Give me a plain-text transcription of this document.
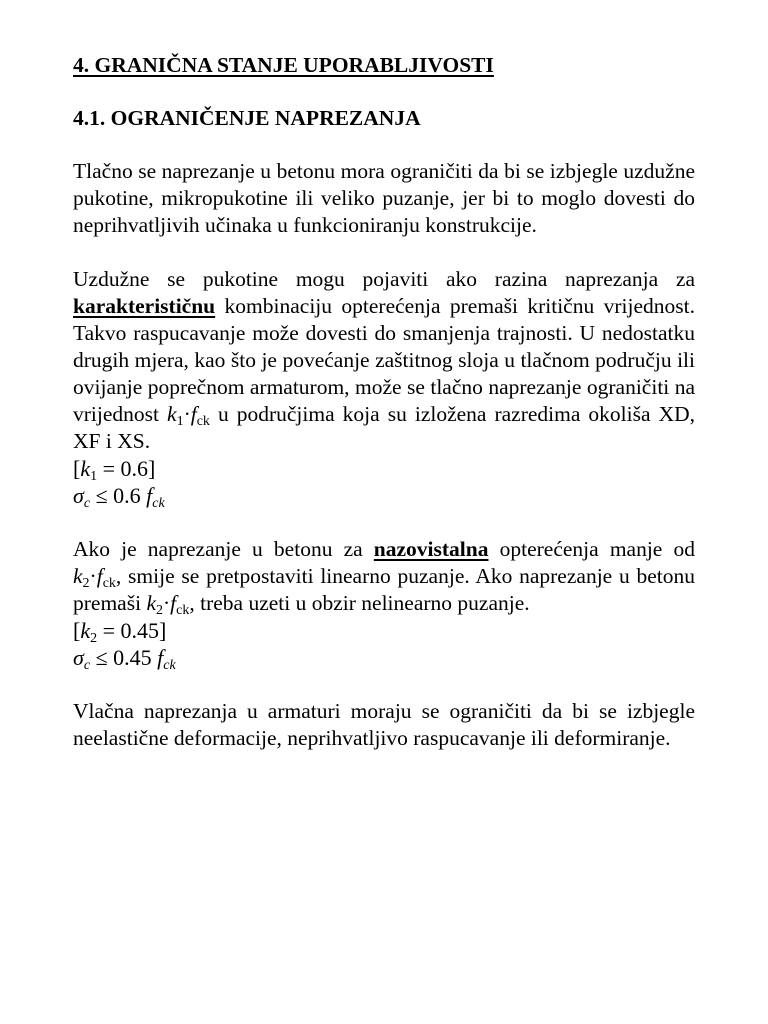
4. GRANIČNA STANJE UPORABLJIVOSTI
4.1. OGRANIČENJE NAPREZANJA

Tlačno se naprezanje u betonu mora ograničiti da bi se izbjegle uzdužne pukotine, mikropukotine ili veliko puzanje, jer bi to moglo dovesti do neprihvatljivih učinaka u funkcioniranju konstrukcije.

Uzdužne se pukotine mogu pojaviti ako razina naprezanja za karakterističnu kombinaciju opterećenja premaši kritičnu vrijednost. Takvo raspucavanje može dovesti do smanjenja trajnosti. U nedostatku drugih mjera, kao što je povećanje zaštitnog sloja u tlačnom području ili ovijanje poprečnom armaturom, može se tlačno naprezanje ograničiti na vrijednost $k_1\cdot f_{ck}$ u područjima koja su izložena razredima okoliša XD, XF i XS.

$[k_1 = 0.6]$
$\sigma_c \le 0.6$ $f_{ck}$

Ako je naprezanje u betonu za nazovistalna opterećenja manje od $k_2\cdot f_{ck}$, smije se pretpostaviti linearno puzanje. Ako naprezanje u betonu premaši $k_2\cdot f_{ck}$, treba uzeti u obzir nelinearno puzanje.

$[k_2 = 0.45]$
$\sigma_c \le 0.45$ $f_{ck}$

Vlačna naprezanja u armaturi moraju se ograničiti da bi se izbjegle neelastične deformacije, neprihvatljivo raspucavanje ili deformiranje.
